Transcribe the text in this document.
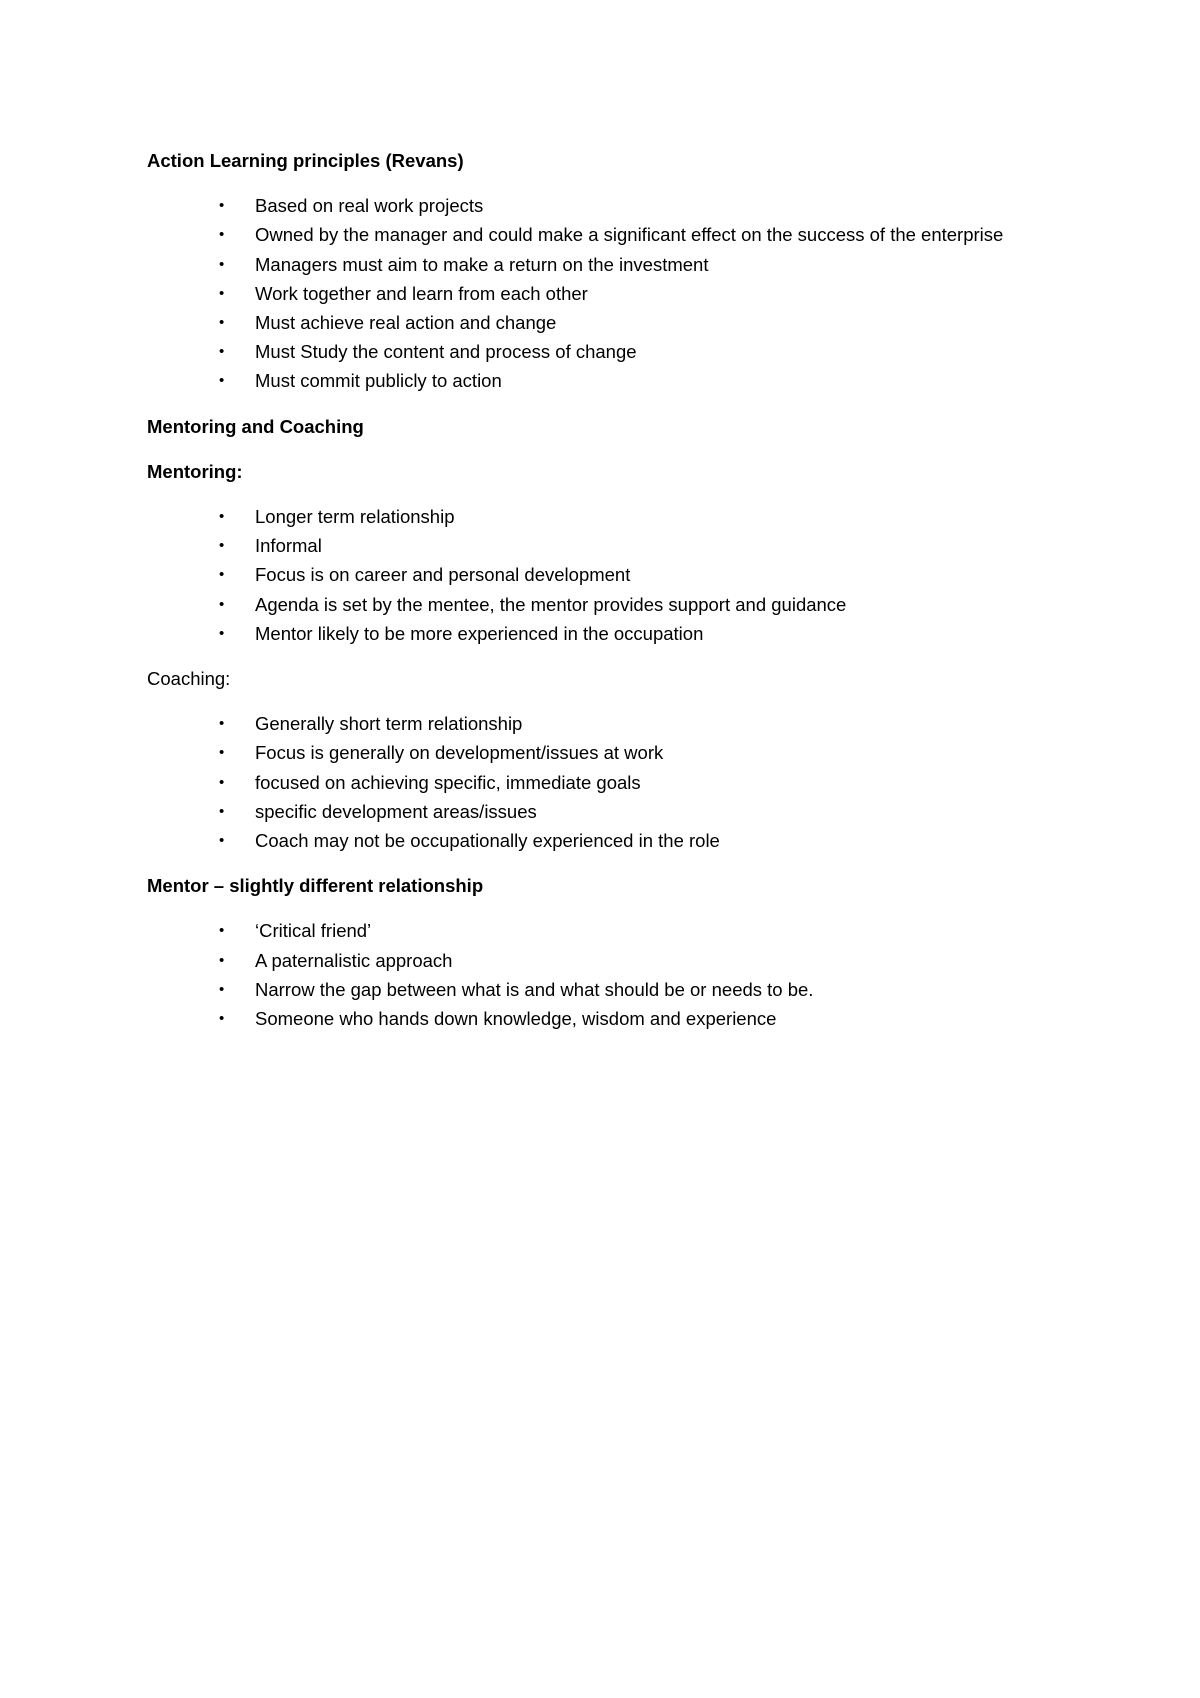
Action Learning principles (Revans)

• Based on real work projects
• Owned by the manager and could make a significant effect on the success of the enterprise
• Managers must aim to make a return on the investment
• Work together and learn from each other
• Must achieve real action and change
• Must Study the content and process of change
• Must commit publicly to action

Mentoring and Coaching

Mentoring:

• Longer term relationship
• Informal
• Focus is on career and personal development
• Agenda is set by the mentee, the mentor provides support and guidance
• Mentor likely to be more experienced in the occupation

Coaching:

• Generally short term relationship
• Focus is generally on development/issues at work
• focused on achieving specific, immediate goals
• specific development areas/issues
• Coach may not be occupationally experienced in the role

Mentor – slightly different relationship

• ‘Critical friend’
• A paternalistic approach
• Narrow the gap between what is and what should be or needs to be.
• Someone who hands down knowledge, wisdom and experience
